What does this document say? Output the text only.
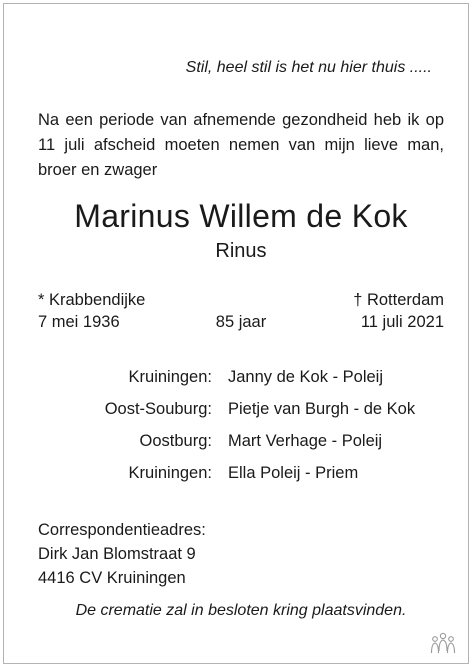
Stil, heel stil is het nu hier thuis .....
Na een periode van afnemende gezondheid heb ik op 11 juli afscheid moeten nemen van mijn lieve man, broer en zwager
Marinus Willem de Kok
Rinus
* Krabbendijke	† Rotterdam
7 mei 1936	85 jaar	11 juli 2021
Kruiningen: Janny de Kok - Poleij
Oost-Souburg: Pietje van Burgh - de Kok
Oostburg: Mart Verhage - Poleij
Kruiningen: Ella Poleij - Priem
Correspondentieadres:
Dirk Jan Blomstraat 9
4416 CV Kruiningen
De crematie zal in besloten kring plaatsvinden.
